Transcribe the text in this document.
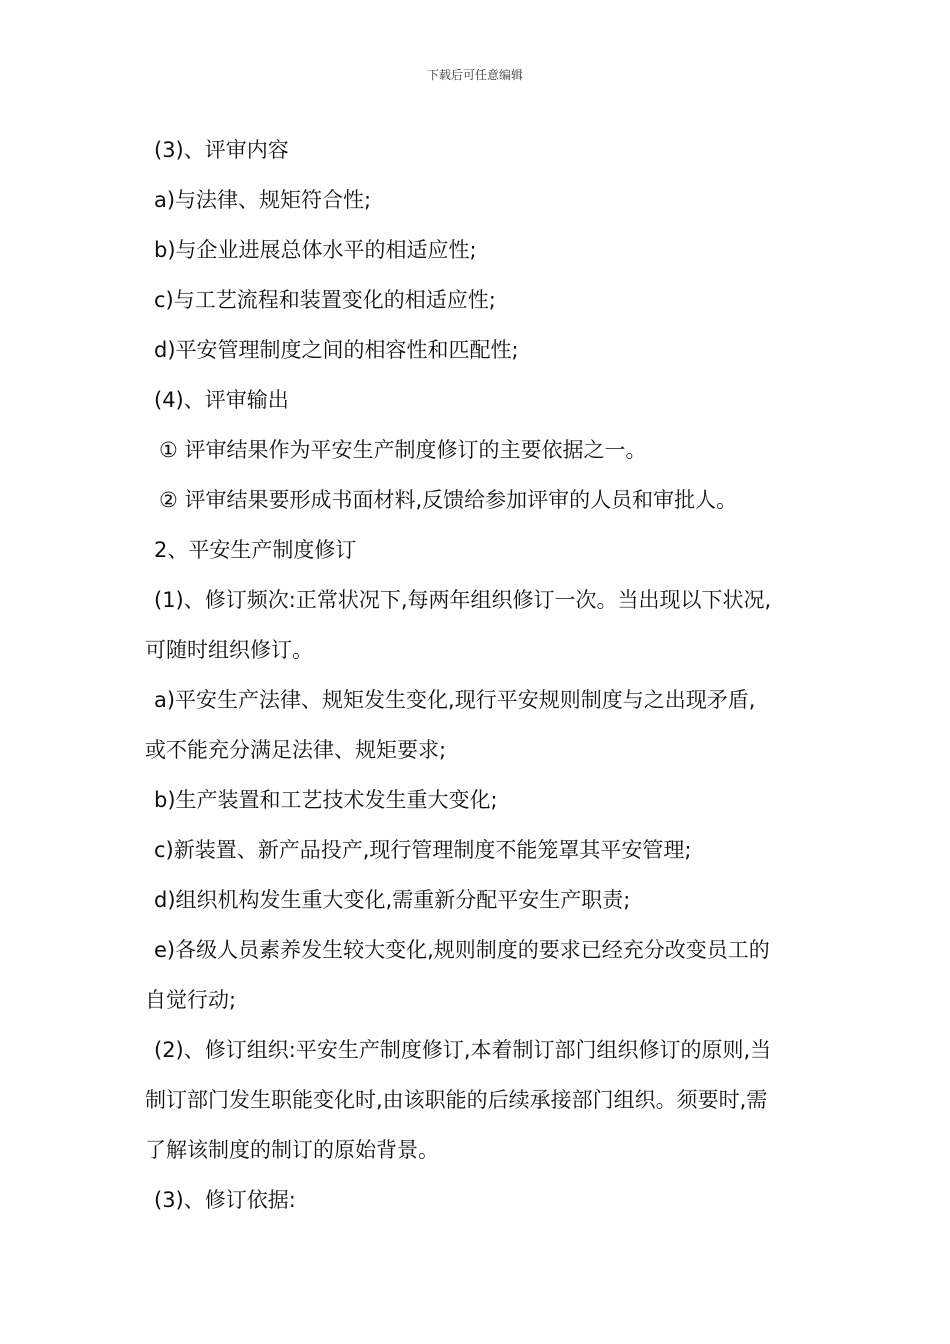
下载后可任意编辑
(3)、评审内容
a)与法律、规矩符合性;
b)与企业进展总体水平的相适应性;
c)与工艺流程和装置变化的相适应性;
d)平安管理制度之间的相容性和匹配性;
(4)、评审输出
① 评审结果作为平安生产制度修订的主要依据之一。
② 评审结果要形成书面材料,反馈给参加评审的人员和审批人。
2、平安生产制度修订
(1)、修订频次:正常状况下,每两年组织修订一次。当出现以下状况,
可随时组织修订。
a)平安生产法律、规矩发生变化,现行平安规则制度与之出现矛盾,
或不能充分满足法律、规矩要求;
b)生产装置和工艺技术发生重大变化;
c)新装置、新产品投产,现行管理制度不能笼罩其平安管理;
d)组织机构发生重大变化,需重新分配平安生产职责;
e)各级人员素养发生较大变化,规则制度的要求已经充分改变员工的
自觉行动;
(2)、修订组织:平安生产制度修订,本着制订部门组织修订的原则,当
制订部门发生职能变化时,由该职能的后续承接部门组织。须要时,需
了解该制度的制订的原始背景。
(3)、修订依据:
